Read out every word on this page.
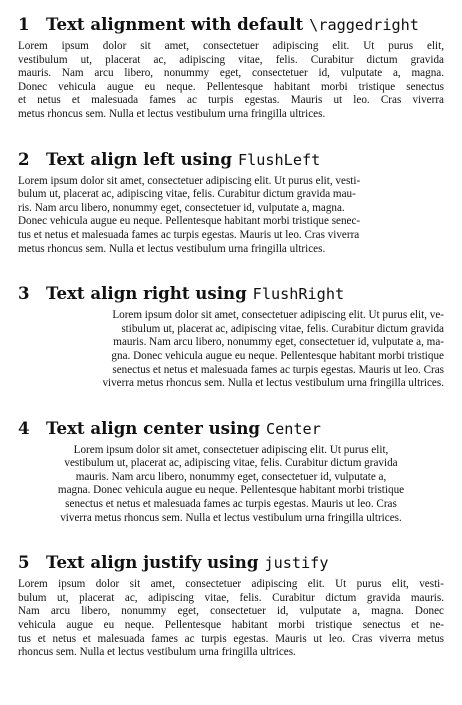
1 Text alignment with default \raggedright

Lorem ipsum dolor sit amet, consectetuer adipiscing elit. Ut purus elit,
vestibulum ut, placerat ac, adipiscing vitae, felis. Curabitur dictum gravida
mauris. Nam arcu libero, nonummy eget, consectetuer id, vulputate a, magna.
Donec vehicula augue eu neque. Pellentesque habitant morbi tristique senectus
et netus et malesuada fames ac turpis egestas. Mauris ut leo. Cras viverra
metus rhoncus sem. Nulla et lectus vestibulum urna fringilla ultrices.

2 Text align left using FlushLeft

Lorem ipsum dolor sit amet, consectetuer adipiscing elit. Ut purus elit, vesti-
bulum ut, placerat ac, adipiscing vitae, felis. Curabitur dictum gravida mau-
ris. Nam arcu libero, nonummy eget, consectetuer id, vulputate a, magna.
Donec vehicula augue eu neque. Pellentesque habitant morbi tristique senec-
tus et netus et malesuada fames ac turpis egestas. Mauris ut leo. Cras viverra
metus rhoncus sem. Nulla et lectus vestibulum urna fringilla ultrices.

3 Text align right using FlushRight

Lorem ipsum dolor sit amet, consectetuer adipiscing elit. Ut purus elit, ve-
stibulum ut, placerat ac, adipiscing vitae, felis. Curabitur dictum gravida
mauris. Nam arcu libero, nonummy eget, consectetuer id, vulputate a, ma-
gna. Donec vehicula augue eu neque. Pellentesque habitant morbi tristique
senectus et netus et malesuada fames ac turpis egestas. Mauris ut leo. Cras
viverra metus rhoncus sem. Nulla et lectus vestibulum urna fringilla ultrices.

4 Text align center using Center

Lorem ipsum dolor sit amet, consectetuer adipiscing elit. Ut purus elit,
vestibulum ut, placerat ac, adipiscing vitae, felis. Curabitur dictum gravida
mauris. Nam arcu libero, nonummy eget, consectetuer id, vulputate a,
magna. Donec vehicula augue eu neque. Pellentesque habitant morbi tristique
senectus et netus et malesuada fames ac turpis egestas. Mauris ut leo. Cras
viverra metus rhoncus sem. Nulla et lectus vestibulum urna fringilla ultrices.

5 Text align justify using justify

Lorem ipsum dolor sit amet, consectetuer adipiscing elit. Ut purus elit, vesti-
bulum ut, placerat ac, adipiscing vitae, felis. Curabitur dictum gravida mauris.
Nam arcu libero, nonummy eget, consectetuer id, vulputate a, magna. Donec
vehicula augue eu neque. Pellentesque habitant morbi tristique senectus et ne-
tus et netus et malesuada fames ac turpis egestas. Mauris ut leo. Cras viverra metus
rhoncus sem. Nulla et lectus vestibulum urna fringilla ultrices.
